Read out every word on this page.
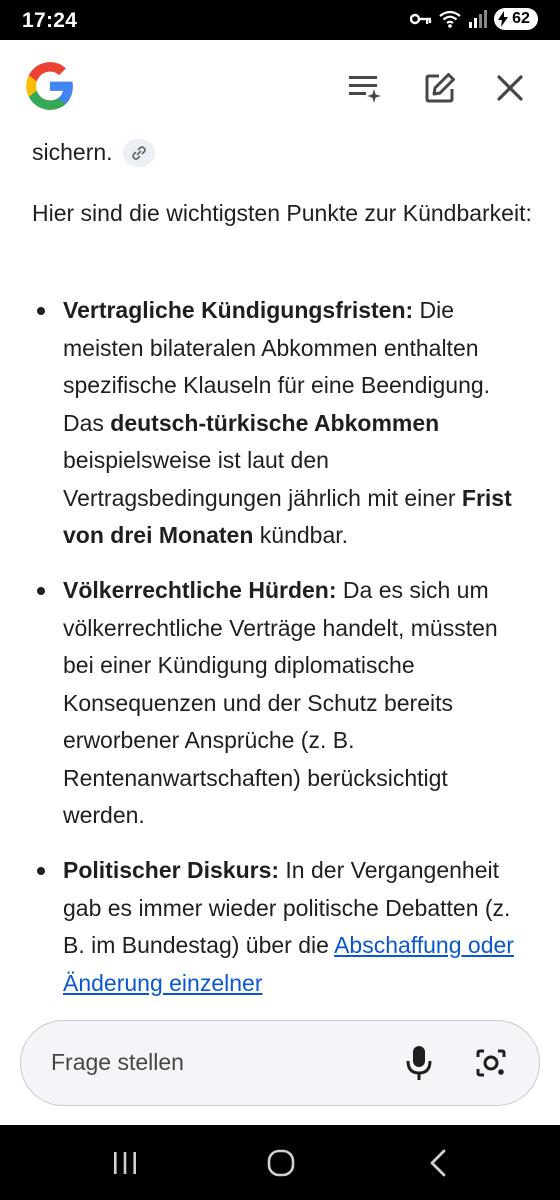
17:24	62
sichern.

Hier sind die wichtigsten Punkte zur Kündbarkeit:

Vertragliche Kündigungsfristen: Die meisten bilateralen Abkommen enthalten spezifische Klauseln für eine Beendigung. Das deutsch-türkische Abkommen beispielsweise ist laut den Vertragsbedingungen jährlich mit einer Frist von drei Monaten kündbar.
Völkerrechtliche Hürden: Da es sich um völkerrechtliche Verträge handelt, müssten bei einer Kündigung diplomatische Konsequenzen und der Schutz bereits erworbener Ansprüche (z. B. Rentenanwartschaften) berücksichtigt werden.
Politischer Diskurs: In der Vergangenheit gab es immer wieder politische Debatten (z. B. im Bundestag) über die Abschaffung oder Änderung einzelner
Frage stellen
